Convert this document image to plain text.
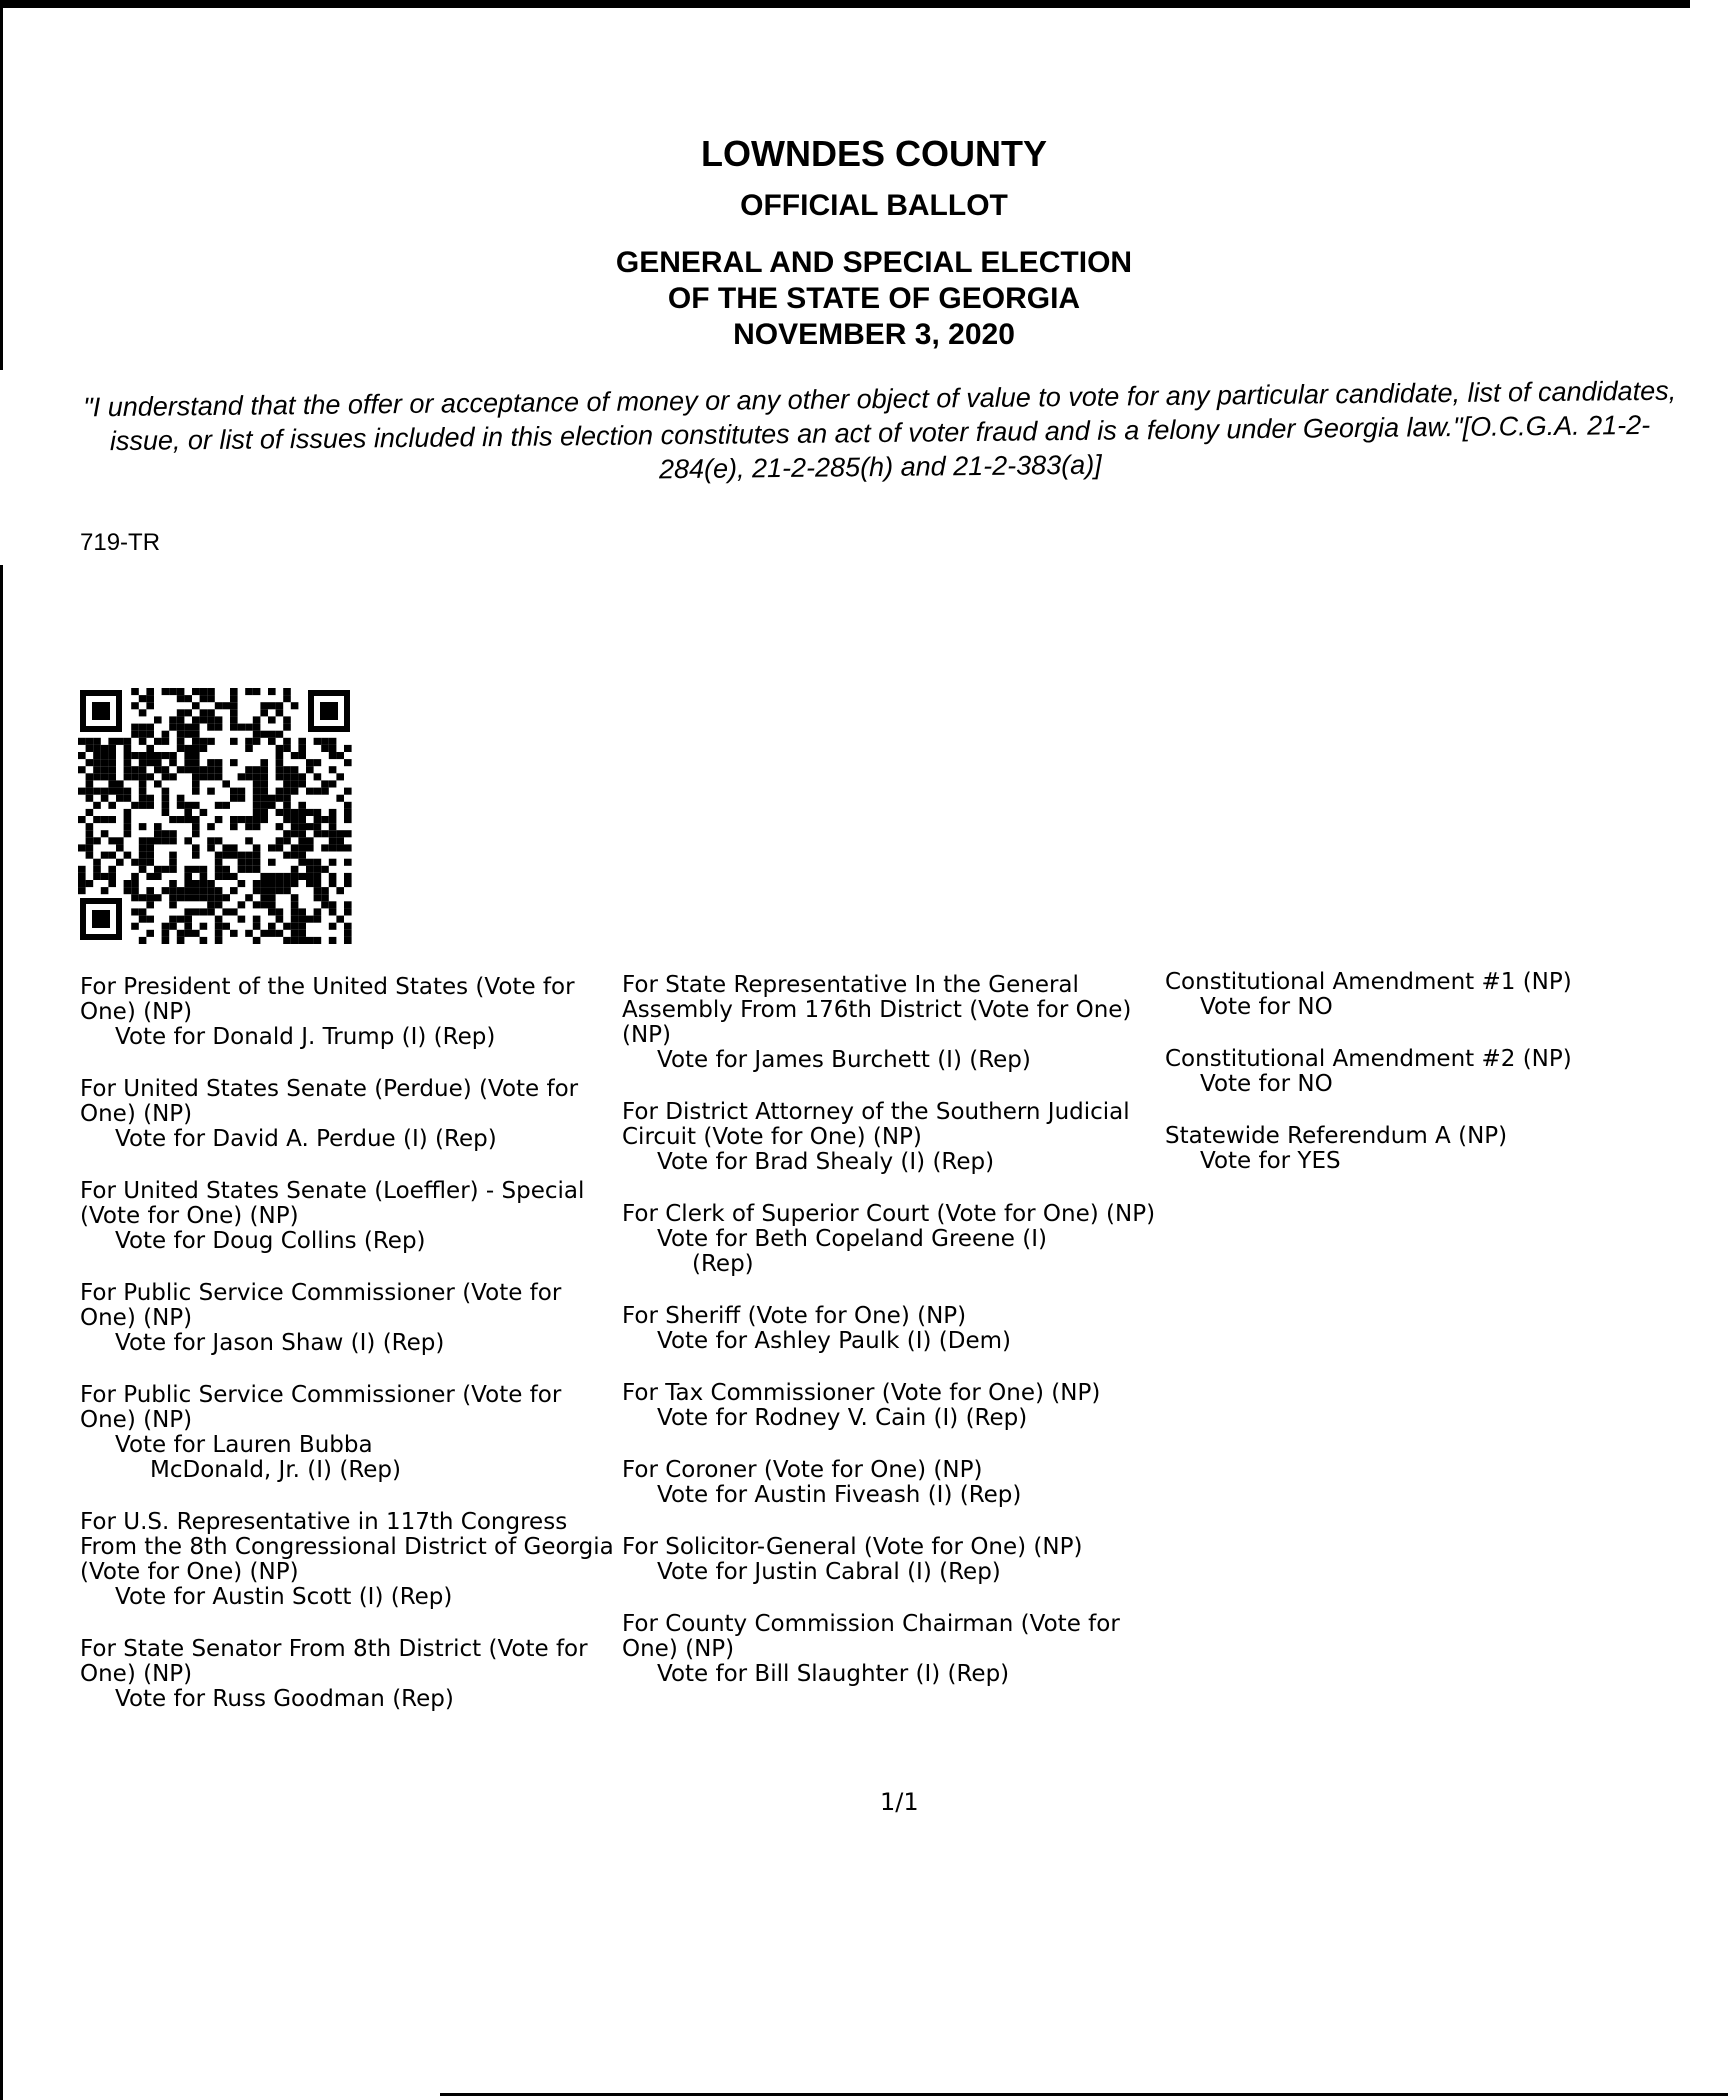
LOWNDES COUNTY
OFFICIAL BALLOT
GENERAL AND SPECIAL ELECTION
OF THE STATE OF GEORGIA
NOVEMBER 3, 2020
"I understand that the offer or acceptance of money or any other object of value to vote for any particular candidate, list of candidates, issue, or list of issues included in this election constitutes an act of voter fraud and is a felony under Georgia law."[O.C.G.A. 21-2-284(e), 21-2-285(h) and 21-2-383(a)]
719-TR
For President of the United States (Vote for One) (NP)
Vote for Donald J. Trump (I) (Rep)
For United States Senate (Perdue) (Vote for One) (NP)
Vote for David A. Perdue (I) (Rep)
For United States Senate (Loeffler) - Special (Vote for One) (NP)
Vote for Doug Collins (Rep)
For Public Service Commissioner (Vote for One) (NP)
Vote for Jason Shaw (I) (Rep)
For Public Service Commissioner (Vote for One) (NP)
Vote for Lauren Bubba
McDonald, Jr. (I) (Rep)
For U.S. Representative in 117th Congress From the 8th Congressional District of Georgia (Vote for One) (NP)
Vote for Austin Scott (I) (Rep)
For State Senator From 8th District (Vote for One) (NP)
Vote for Russ Goodman (Rep)
For State Representative In the General Assembly From 176th District (Vote for One) (NP)
Vote for James Burchett (I) (Rep)
For District Attorney of the Southern Judicial Circuit (Vote for One) (NP)
Vote for Brad Shealy (I) (Rep)
For Clerk of Superior Court (Vote for One) (NP)
Vote for Beth Copeland Greene (I)
(Rep)
For Sheriff (Vote for One) (NP)
Vote for Ashley Paulk (I) (Dem)
For Tax Commissioner (Vote for One) (NP)
Vote for Rodney V. Cain (I) (Rep)
For Coroner (Vote for One) (NP)
Vote for Austin Fiveash (I) (Rep)
For Solicitor-General (Vote for One) (NP)
Vote for Justin Cabral (I) (Rep)
For County Commission Chairman (Vote for One) (NP)
Vote for Bill Slaughter (I) (Rep)
Constitutional Amendment #1 (NP)
Vote for NO
Constitutional Amendment #2 (NP)
Vote for NO
Statewide Referendum A (NP)
Vote for YES
1/1
